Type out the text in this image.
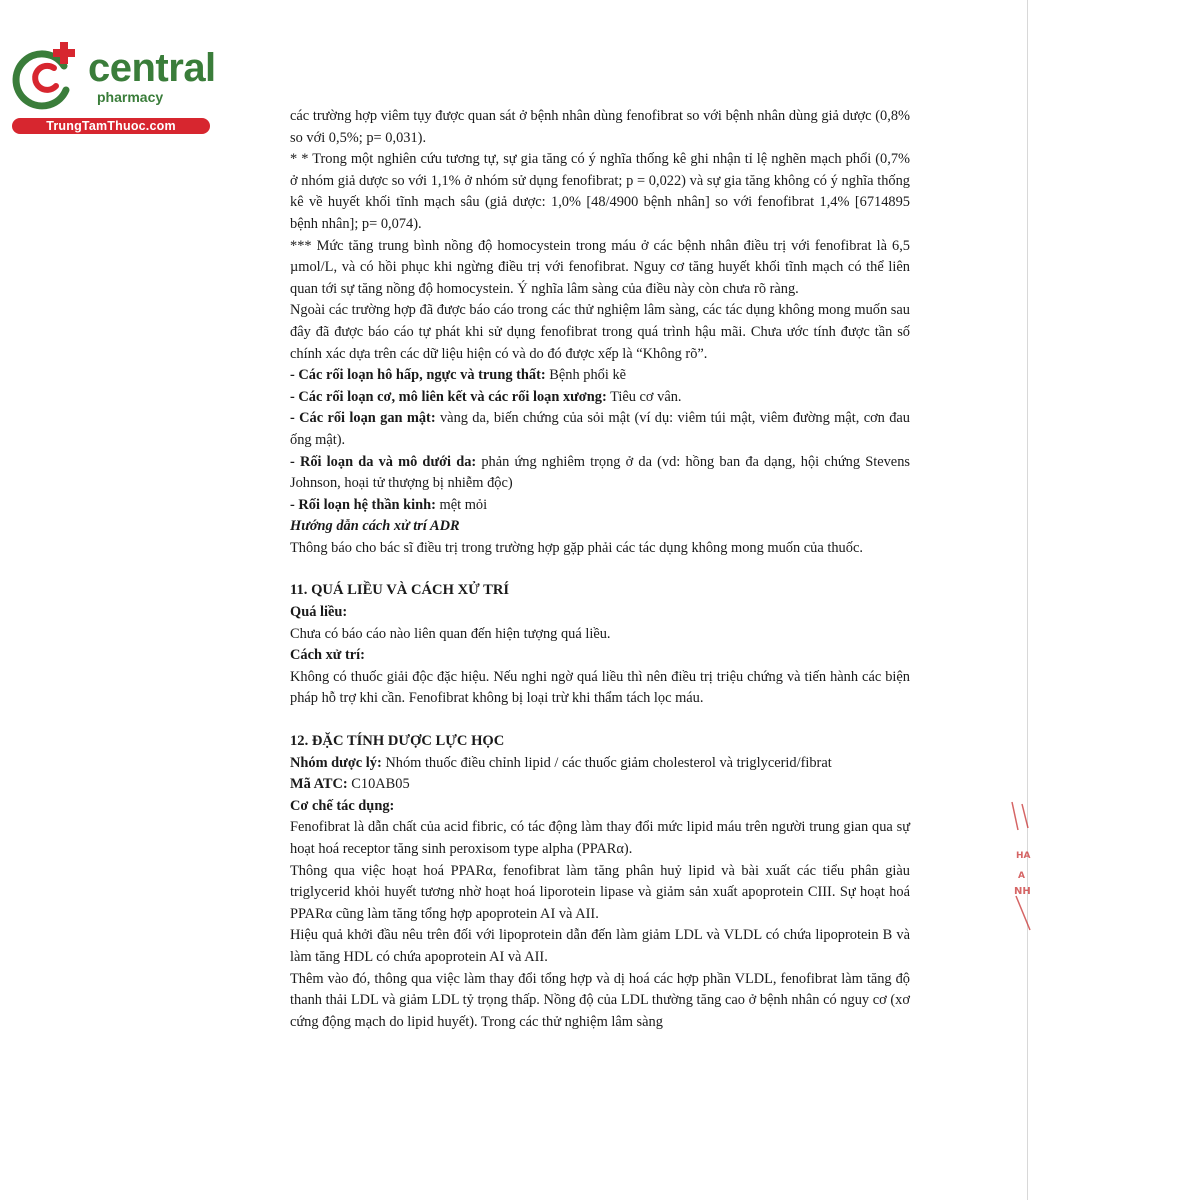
central
pharmacy
TrungTamThuoc.com

các trường hợp viêm tụy được quan sát ở bệnh nhân dùng fenofibrat so với bệnh nhân dùng giả dược (0,8% so với 0,5%; p= 0,031).

* * Trong một nghiên cứu tương tự, sự gia tăng có ý nghĩa thống kê ghi nhận tỉ lệ nghẽn mạch phổi (0,7% ở nhóm giả dược so với 1,1% ở nhóm sử dụng fenofibrat; p = 0,022) và sự gia tăng không có ý nghĩa thống kê về huyết khối tĩnh mạch sâu (giả dược: 1,0% [48/4900 bệnh nhân] so với fenofibrat 1,4% [6714895 bệnh nhân]; p= 0,074).

*** Mức tăng trung bình nồng độ homocystein trong máu ở các bệnh nhân điều trị với fenofibrat là 6,5 µmol/L, và có hồi phục khi ngừng điều trị với fenofibrat. Nguy cơ tăng huyết khối tĩnh mạch có thể liên quan tới sự tăng nồng độ homocystein. Ý nghĩa lâm sàng của điều này còn chưa rõ ràng.

Ngoài các trường hợp đã được báo cáo trong các thử nghiệm lâm sàng, các tác dụng không mong muốn sau đây đã được báo cáo tự phát khi sử dụng fenofibrat trong quá trình hậu mãi. Chưa ước tính được tần số chính xác dựa trên các dữ liệu hiện có và do đó được xếp là “Không rõ”.

- Các rối loạn hô hấp, ngực và trung thất: Bệnh phổi kẽ

- Các rối loạn cơ, mô liên kết và các rối loạn xương: Tiêu cơ vân.

- Các rối loạn gan mật: vàng da, biến chứng của sỏi mật (ví dụ: viêm túi mật, viêm đường mật, cơn đau ống mật).

- Rối loạn da và mô dưới da: phản ứng nghiêm trọng ở da (vd: hồng ban đa dạng, hội chứng Stevens Johnson, hoại tử thượng bị nhiễm độc)

- Rối loạn hệ thần kinh: mệt mỏi

Hướng dẫn cách xử trí ADR

Thông báo cho bác sĩ điều trị trong trường hợp gặp phải các tác dụng không mong muốn của thuốc.

11. QUÁ LIỀU VÀ CÁCH XỬ TRÍ

Quá liều:

Chưa có báo cáo nào liên quan đến hiện tượng quá liều.

Cách xử trí:

Không có thuốc giải độc đặc hiệu. Nếu nghi ngờ quá liều thì nên điều trị triệu chứng và tiến hành các biện pháp hỗ trợ khi cần. Fenofibrat không bị loại trừ khi thẩm tách lọc máu.

12. ĐẶC TÍNH DƯỢC LỰC HỌC

Nhóm dược lý: Nhóm thuốc điều chỉnh lipid / các thuốc giảm cholesterol và triglycerid/fibrat

Mã ATC: C10AB05

Cơ chế tác dụng:

Fenofibrat là dẫn chất của acid fibric, có tác động làm thay đổi mức lipid máu trên người trung gian qua sự hoạt hoá receptor tăng sinh peroxisom type alpha (PPARα).

Thông qua việc hoạt hoá PPARα, fenofibrat làm tăng phân huỷ lipid và bài xuất các tiểu phân giàu triglycerid khỏi huyết tương nhờ hoạt hoá liporotein lipase và giảm sản xuất apoprotein CIII. Sự hoạt hoá PPARα cũng làm tăng tổng hợp apoprotein AI và AII.

Hiệu quả khởi đầu nêu trên đối với lipoprotein dẫn đến làm giảm LDL và VLDL có chứa lipoprotein B và làm tăng HDL có chứa apoprotein AI và AII.

Thêm vào đó, thông qua việc làm thay đổi tổng hợp và dị hoá các hợp phần VLDL, fenofibrat làm tăng độ thanh thải LDL và giảm LDL tỷ trọng thấp. Nồng độ của LDL thường tăng cao ở bệnh nhân có nguy cơ (xơ cứng động mạch do lipid huyết). Trong các thử nghiệm lâm sàng

HA
A
NH
